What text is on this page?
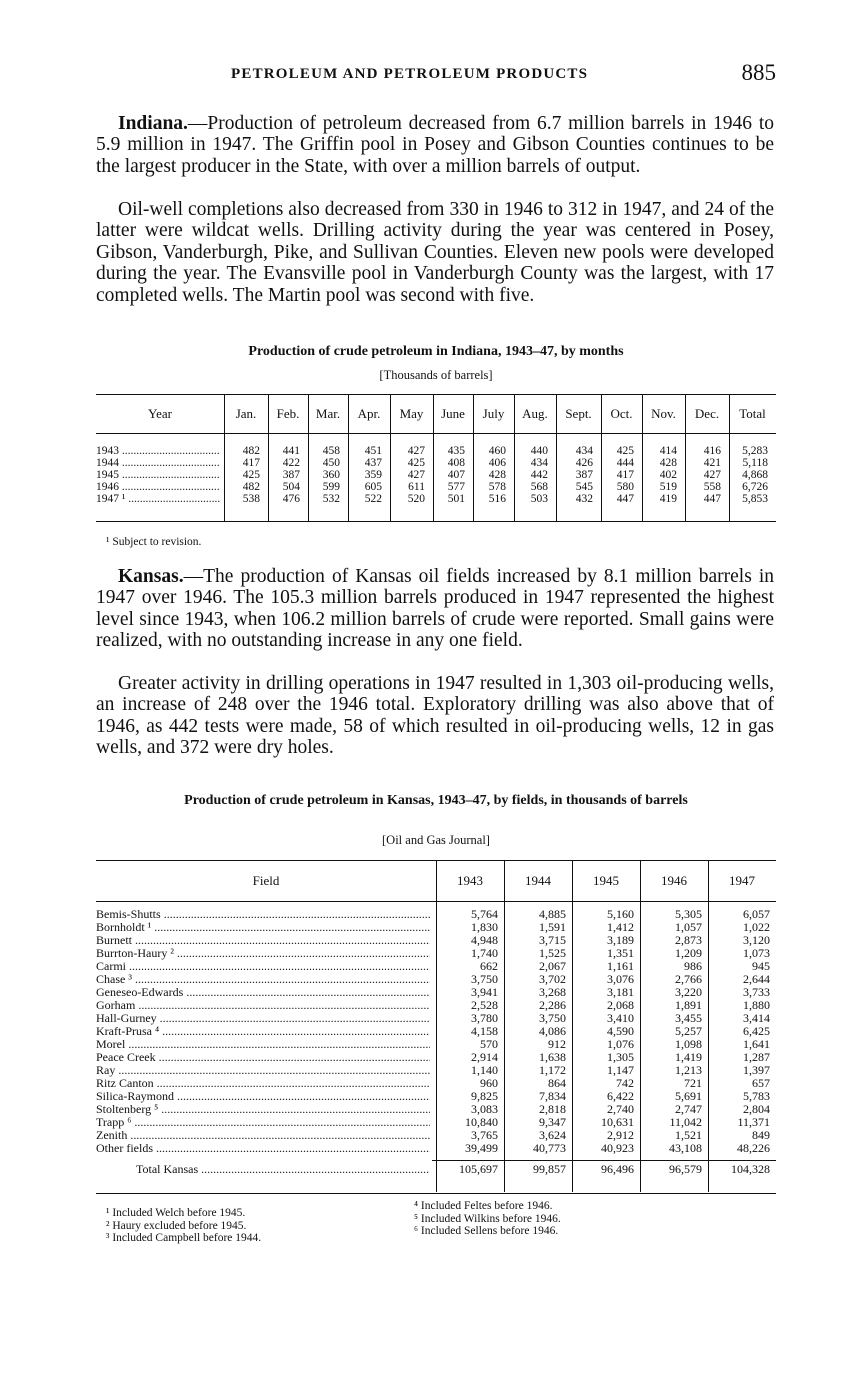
PETROLEUM AND PETROLEUM PRODUCTS	885

Indiana.—Production of petroleum decreased from 6.7 million barrels in 1946 to 5.9 million in 1947. The Griffin pool in Posey and Gibson Counties continues to be the largest producer in the State, with over a million barrels of output.

Oil-well completions also decreased from 330 in 1946 to 312 in 1947, and 24 of the latter were wildcat wells. Drilling activity during the year was centered in Posey, Gibson, Vanderburgh, Pike, and Sullivan Counties. Eleven new pools were developed during the year. The Evansville pool in Vanderburgh County was the largest, with 17 completed wells. The Martin pool was second with five.

Production of crude petroleum in Indiana, 1943–47, by months
[Thousands of barrels]
Year	Jan.	Feb.	Mar.	Apr.	May	June	July	Aug.	Sept.	Oct.	Nov.	Dec.	Total
1943 .....	482	441	458	451	427	435	460	440	434	425	414	416	5,283
1944 .....	417	422	450	437	425	408	406	434	426	444	428	421	5,118
1945 .....	425	387	360	359	427	407	428	442	387	417	402	427	4,868
1946 .....	482	504	599	605	611	577	578	568	545	580	519	558	6,726
1947 ¹ .....	538	476	532	522	520	501	516	503	432	447	419	447	5,853
¹ Subject to revision.

Kansas.—The production of Kansas oil fields increased by 8.1 million barrels in 1947 over 1946. The 105.3 million barrels produced in 1947 represented the highest level since 1943, when 106.2 million barrels of crude were reported. Small gains were realized, with no outstanding increase in any one field.

Greater activity in drilling operations in 1947 resulted in 1,303 oil-producing wells, an increase of 248 over the 1946 total. Exploratory drilling was also above that of 1946, as 442 tests were made, 58 of which resulted in oil-producing wells, 12 in gas wells, and 372 were dry holes.

Production of crude petroleum in Kansas, 1943–47, by fields, in thousands of barrels
[Oil and Gas Journal]
Field	1943	1944	1945	1946	1947
Bemis-Shutts .....	5,764	4,885	5,160	5,305	6,057
Bornholdt ¹ .....	1,830	1,591	1,412	1,057	1,022
Burnett .....	4,948	3,715	3,189	2,873	3,120
Burrton-Haury ² .....	1,740	1,525	1,351	1,209	1,073
Carmi .....	662	2,067	1,161	986	945
Chase ³ .....	3,750	3,702	3,076	2,766	2,644
Geneseo-Edwards .....	3,941	3,268	3,181	3,220	3,733
Gorham .....	2,528	2,286	2,068	1,891	1,880
Hall-Gurney .....	3,780	3,750	3,410	3,455	3,414
Kraft-Prusa ⁴ .....	4,158	4,086	4,590	5,257	6,425
Morel .....	570	912	1,076	1,098	1,641
Peace Creek .....	2,914	1,638	1,305	1,419	1,287
Ray .....	1,140	1,172	1,147	1,213	1,397
Ritz Canton .....	960	864	742	721	657
Silica-Raymond .....	9,825	7,834	6,422	5,691	5,783
Stoltenberg ⁵ .....	3,083	2,818	2,740	2,747	2,804
Trapp ⁶ .....	10,840	9,347	10,631	11,042	11,371
Zenith .....	3,765	3,624	2,912	1,521	849
Other fields .....	39,499	40,773	40,923	43,108	48,226
Total Kansas .....	105,697	99,857	96,496	96,579	104,328
¹ Included Welch before 1945.
² Haury excluded before 1945.
³ Included Campbell before 1944.
⁴ Included Feltes before 1946.
⁵ Included Wilkins before 1946.
⁶ Included Sellens before 1946.
